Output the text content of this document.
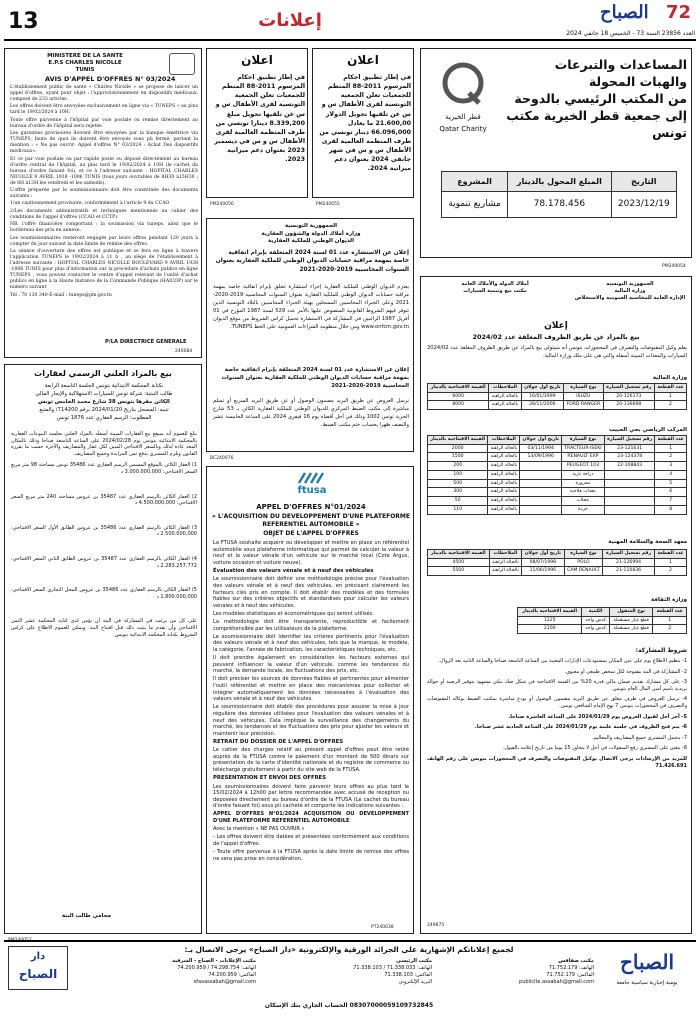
13	إعلانات	الصباح 72
العدد 23856 السنة 73 - الخميس 18 جانفي 2024
قطر الخيرية
Qatar Charity
المساعدات والتبرعات
والهبات المحولة
من المكتب الرئيسي بالدوحة
إلى جمعية قطر الخيرية مكتب تونس
التاريخ	المبلغ المحول بالدينار	المشروع
2023/12/19	78.178.456	مشاريع تنموية
PM240054
اعلان
في إطار تطبيق احكام المرسوم 2011-88 المنظم للجمعيات تعلن الجمعية التونسية لقرى الأطفال س و س عن تلقيها تحويل الدولار 21.600,00 ما يعادل 66.096,000 دينار تونسي من طرف المنظمة العالمية لقرى الأطفال س و س في شهر جانفي 2024 بعنوان دعم ميزانية 2024.
PM240055
اعلان
في إطار تطبيق احكام المرسوم 2011-88 المنظم للجمعيات تعلن الجمعية التونسية لقرى الأطفال س و س عن تلقيها تحويل مبلغ 8.339,200 دينارا تونسي من طرف المنظمة العالمية لقرى الأطفال س و س في ديسمبر 2023 بعنوان دعم ميزانية 2023.
PM240056
MINISTERE DE LA SANTE
E.P.S CHARLES NICOLLE
TUNIS
AVIS D'APPEL D'OFFRES N° 03/2024

L'établissement public de santé « Charles Nicolle » se propose de lancer un appel d'offres, ayant pour objet : l'approvisionnement en dispositifs médicaux, composé de 233 articles.

Les offres doivent être envoyées exclusivement en ligne via « TUNEPS » au plus tard le 19/02/2024 à 10H.

Toute offre parvenue à l'hôpital par voie postale ou remise directement au bureau d'ordre de l'hôpital sera rejetée.

Les garanties provisoires doivent être envoyées par la banque émettrice via TUNEPS, faute de quoi ils doivent être envoyés sous pli fermé, portant la mention : « Ne pas ouvrir- Appel d'offres N° 03/2024 : Achat Des dispositifs médicaux».

Et ce par voie postale ou par rapide poste ou déposé directement au bureau d'ordre central de l'hôpital, au plus tard le 19/02/2024 à 10H (le cachet du bureau d'ordre faisant foi), et ce à l'adresse suivante : HOPITAL CHARLES NICOLLE 9 AVRIL 1938 -1006 TUNIS (tous jours ouvrables de 8H30 à15H30 ; de 8H à13H les vendredi et les samedis).

L'offre préparée par le soumissionnaire doit être constituée des documents suivants :

1/un cautionnement provisoire, conformément à l'article 9 du CCAO

2/Les documents administratifs et techniques mentionnés au cahier des conditions de l'appel d'offres (CCAO et CCTP).

NB. l'offre financière comportant : la soumission via tuneps, ainsi que le bordereau des prix en annexe.

Les soumissionnaires resteront engagés par leurs offres pendant 120 jours à compter du jour suivant la date limite de remise des offres.

La séance d'ouverture des offres est publique et se fera en ligne à travers l'application TUNEPS le 19/02/2024 à 11 h , au siège de l'établissement à l'adresse suivante : HOPITAL CHARLES NICOLLE BOULEVARD 9 AVRIL 1938 -1006 TUNIS pour plus d'information sur la procédure d'achats publics en ligne TUNEPS , vous pouvez contacter le centre d'appel relevant de l'unité d'achat publics en ligne à la Haute Instance de la Commande Publique (HAICOP) sur le numéro suivant

Tél : 70 130 340-E-mail : tuneps@pm.gov.tn

P/LA DIRECTRICE GENERALE
240084
بيع بالمزاد العلني الرسمي لعقارات
بكتابة المحكمة الابتدائية بتونس الجلسة التاسعة الرابعة
طالب التبتية: شركة تونس للسيارات الاستهلاكية والإيجار المالي
الكائن مقرها بتونس 38 شارع محمد الخامس تونس
تنبيه: المسجل بتاريخ 2024/01/20 برقم 714200/ والمتبع
المطلوب: الرسم العقاري عدد 1876 تونس

ببلغ للعموم أنه سيقع بيع العقارات المبينة أسفله بالمزاد العلني بجلسة البيوعات العقارية بالمحكمة الابتدائية بتونس يوم 2024/02/28 على الساعة التاسعة صباحا وذلك بالمكان المعد عادة لذلك وبالسعر الافتتاحي المبين لكل عقار والمصاريف والأجرة حسب ما يقرره القانون ويلزم المشتري بدفع ثمن المزايدة وجميع المصاريف.

1) العقار الكائن بالموقع المسمى الرسم العقاري عدد 35486 تونس مساحته 98 متر مربع السعر الافتتاحي: 3.000.000,000 د

2) العقار الكائن بالرسم العقاري عدد 35487 بن عروس مساحته 240 متر مربع السعر الافتتاحي: 4.500.000,000 د

3) العقار الكائن بالرسم العقاري عدد 35486 بن عروس الطابق الأول السعر الافتتاحي: 2.500.000,000 د

4) العقار الكائن بالرسم العقاري عدد 35487 بن عروس الطابق الثاني السعر الافتتاحي: 2.283.257.772 د

5) العقار الكائن بالرسم العقاري عدد 35486 بن عروس المحل التجاري السعر الافتتاحي: 1.800.000,000 د

على كل من يرغب في المشاركة في البتة أن يؤمن لدى كتابة المحكمة عشر الثمن الافتتاحي وأن يقدم ما يثبت ذلك قبل افتتاح البتة. ويمكن للعموم الاطلاع على كراس الشروط بكتابة المحكمة الابتدائية بتونس.

محامي طالب البتة
PM240057
الجمهورية التونسية
وزارة أملاك الدولة والشؤون العقارية
الديوان الوطني للملكية العقارية
إعلان عن الاستشارة عدد 01 لسنة 2024 المتعلقة بإبرام اتفاقية خاصة بمهمة مراقبة حسابات الديوان الوطني للملكية العقارية بعنوان السنوات المحاسبية 2019-2020-2021
يعتزم الديوان الوطني للملكية العقارية إجراء استشارة تتعلق بإبرام اتفاقية خاصة بمهمة مراقبة حسابات الديوان الوطني للملكية العقارية بعنوان السنوات المحاسبية 2019-2020-2021 وعلى الخبراء المحاسبين المسجلين بهيئة الخبراء المحاسبين بالبلاد التونسية الذين تتوفر فيهم الشروط القانونية المنصوص عليها بالأمر عدد 529 لسنة 1987 المؤرخ في 01 أفريل 1987 الراغبين في المشاركة في الاستشارة تحميل كراس الشروط من موقع الديوان www.onfcm.gov.tn ومن خلال منظومة الشراءات العمومية على الخط TUNEPS.
إعلان عن الاستشارة عدد 01 لسنة 2024 المتعلقة بإبرام اتفاقية خاصة بمهمة مراقبة حسابات الديوان الوطني للملكية العقارية بعنوان السنوات المحاسبية 2019-2020-2021
ترسل العروض عن طريق البريد مضمون الوصول أو عن طريق البريد السريع أو تسلم مباشرة إلى مكتب الضبط المركزي للديوان الوطني للملكية العقارية الكائن بـ 53 شارع الحرية تونس 1002 وذلك في أجل أقصاه يوم 16 فيفري 2024 على الساعة الخامسة عشر والنصف ظهرا بحساب ختم مكتب الضبط.
BC240076
ftusa
APPEL D'OFFRES N°01/2024
« L'ACQUISITION DU DEVELOPPEMENT D'UNE PLATEFORME REFERENTIEL AUTOMOBILE »
OBJET DE L'APPEL D'OFFRES

La FTUSA souhaite acquérir ou développer et mettre en place un référentiel automobile sous plateforme informatique qui permet de calculer la valeur à neuf et la valeur vénale d'un véhicule sur le marché local (Cote Argus, voiture occasion et voiture neuve).

Évaluation des valeurs vénale et à neuf des véhicules

Le soumissionnaire doit définir une méthodologie précise pour l'évaluation des valeurs vénale et à neuf des véhicules, en précisant clairement les facteurs clés pris en compte. Il doit établir des modèles et des formules fiables sur des critères objectifs et standardisés pour calculer les valeurs vénales et à neuf des véhicules.

Les modèles statistiques et économétriques qui seront utilisés.

La méthodologie doit être transparente, reproductible et facilement compréhensible par les utilisateurs de la plateforme.

Le soumissionnaire doit identifier les critères pertinents pour l'évaluation des valeurs vénale et à neuf des véhicules, tels que la marque, le modèle, la catégorie, l'année de fabrication, les caractéristiques techniques, etc.

Il doit prendre également en considération les facteurs externes qui peuvent influencer la valeur d'un véhicule, comme les tendances du marché, la demande locale, les fluctuations des prix, etc.

Il doit préciser les sources de données fiables et pertinentes pour alimenter l'outil référentiel et mettre en place des mécanismes pour collecter et intégrer automatiquement les données nécessaires à l'évaluation des valeurs vénale et à neuf des véhicules.

Le soumissionnaire doit établir des procédures pour assurer la mise à jour régulière des données utilisées pour l'évaluation des valeurs vénales et à neuf des véhicules. Cela implique la surveillance des changements du marché, les tendances et les fluctuations des prix pour ajuster les valeurs et maintenir leur précision.

RETRAIT DU DOSSIER DE L'APPEL D'OFFRES

Le cahier des charges relatif au présent appel d'offres peut être retiré auprès de la FTUSA contre le paiement d'un montant de 500 dinars sur présentation de la carte d'identité nationale et du registre de commerce ou téléchargé gratuitement à partir du site web de la FTUSA.

PRESENTATION ET ENVOI DES OFFRES

Les soumissionnaires doivent faire parvenir leurs offres au plus tard le 15/02/2024 à 12h00 par lettre recommandée avec accusé de réception ou déposées directement au bureau d'ordre de la FTUSA (Le cachet du bureau d'ordre faisant foi) sous pli cacheté et comporte les indications suivantes :

APPEL D'OFFRES N°01/2024 ACQUISITION OU DEVELOPPEMENT D'UNE PLATEFORME REFERENTIEL AUTOMOBILE

Avec la mention « NE PAS OUVRIR »

- Les offres doivent être datées et présentées conformément aux conditions de l'appel d'offres.

- Toute offre parvenue à la FTUSA après la date limite de remise des offres ne sera pas prise en considération.

PT240038
الجمهورية التونسية
وزارة المالية
الإدارة العامة للمحاسبة العمومية والاستخلاص
أملاك الدولة والأملاك العامة
مكتب بيع وتنمية السيارات
إعلان
بيع بالمزاد عن طريق الظروف المغلقة عدد 2024/02
يعلم وكيل المقبوضات والتصرف في المحجوزات بتونس أنه سيتولى بيع بالمزاد عن طريق الظروف المغلقة عدد 2024/02 السيارات والمعدات المبينة أسفله والتي هي على ملك وزارة المالية.
وزارة المالية
عدد القطعة	رقم تسجيل السيارة	نوع السيارة	تاريخ أول جولان	الملاحظات	القيمة الافتتاحية بالدينار
1	20-126173	ISUZU	16/01/1999	بالحالة الراهنة	6000
2	20-136698	FORD RANGER	28/11/2006	بالحالة الراهنة	8000
المركب الرياضي بحي الحبيب
عدد القطعة	رقم تسجيل السيارة	نوع السيارة	تاريخ أول جولان	الملاحظات	القيمة الافتتاحية بالدينار
1	23-121631	TRACTEUR-ISEKI	03/11/1994	بالحالة الراهنة	2000
2	23-124378	RENAULT EXP	13/09/1996	بالحالة الراهنة	1500
3	22-108843	PEUGEOT 103		بالحالة الراهنة	200
4		دراجة نارية		بالحالة الراهنة	100
5		مجرورة		بالحالة الراهنة	500
6		معدات فلاحية		بالحالة الراهنة	300
7		عجلات		بالحالة الراهنة	50
8		خردة		بالحالة الراهنة	110
معهد الصحة والسلامة المهنية
عدد القطعة	رقم تسجيل السيارة	نوع السيارة	تاريخ أول جولان	الملاحظات	القيمة الافتتاحية بالدينار
1	21-126994	POLO	08/07/1998	بالحالة الراهنة	4500
2	21-110836	CAM RENAULT	11/06/1996	بالحالة الراهنة	5500
وزارة الثقافة
عدد القطعة	نوع المنقول	الكمية	القيمة الافتتاحية بالدينار
1	قطع غيار مستعملة	كدس واحد	1225
2	قطع غيار مستعملة	كدس واحد	2100
شروط المشاركة:

1- تنظيم الاطلاع يوم على عين المكان بمستودعات الإدارات المعنية بين الساعة التاسعة صباحا والساعة الثانية بعد الزوال.

2- المشاركة في البتة مفتوحة لكل شخص طبيعي أو معنوي.

3- على كل مشارك تقديم ضمان مالي قدره 20% من القيمة الافتتاحية في شكل صك بنكي مشهود بتوفير الرصيد أو حوالة بريدية باسم أمين المال العام بتونس.

4- ترسل العروض في ظرف مغلق عن طريق البريد مضمون الوصول أو تودع مباشرة بمكتب الضبط بوكالة المقبوضات والتصرف في المحجوزات بتونس 7 نهج الإمام الشافعي تونس.

5- آخر أجل لقبول العروض يوم 2024/01/29 على الساعة العاشرة صباحا.

6- يتم فتح الظروف في جلسة علنية يوم 2024/01/29 على الساعة الحادية عشر صباحا.

7- يتحمل المشتري جميع المصاريف والمعاليم.

8- يتعين على المشتري رفع المنقولات في أجل لا يتجاوز 15 يوما من تاريخ إعلامه بالقبول.

للمزيد من الإرشادات يرجى الاتصال بوكيل المقبوضات والتصرف في المحجوزات بتونس على رقم الهاتف 71.426.691

249875
لجميع إعلاناتكم الإشهارية على الجرائد الورقية والإلكترونية «دار الصباح» يرجى الاتصال بـ:
دار
الصباح	الصباح
يومية إخبارية سياسية جامعة
مكتب صفاقس
الهاتف: 71.752.179
الفاكس: 71.752.179
publicite.assabah@gmail.com
مكتب الرئيسي
الهاتف: 71.338.033 / 71.338.103
الفاكس: 71.338.103
البريد الإلكتروني
مكتب الإعلانات - الصباح - الشرقية
الهاتف: 74.298.754 / 74.200.959
الفاكس: 74.200.959
sfaxassabah@gmail.com
08307000059109732845 الحساب الجاري بنك الإسكان
